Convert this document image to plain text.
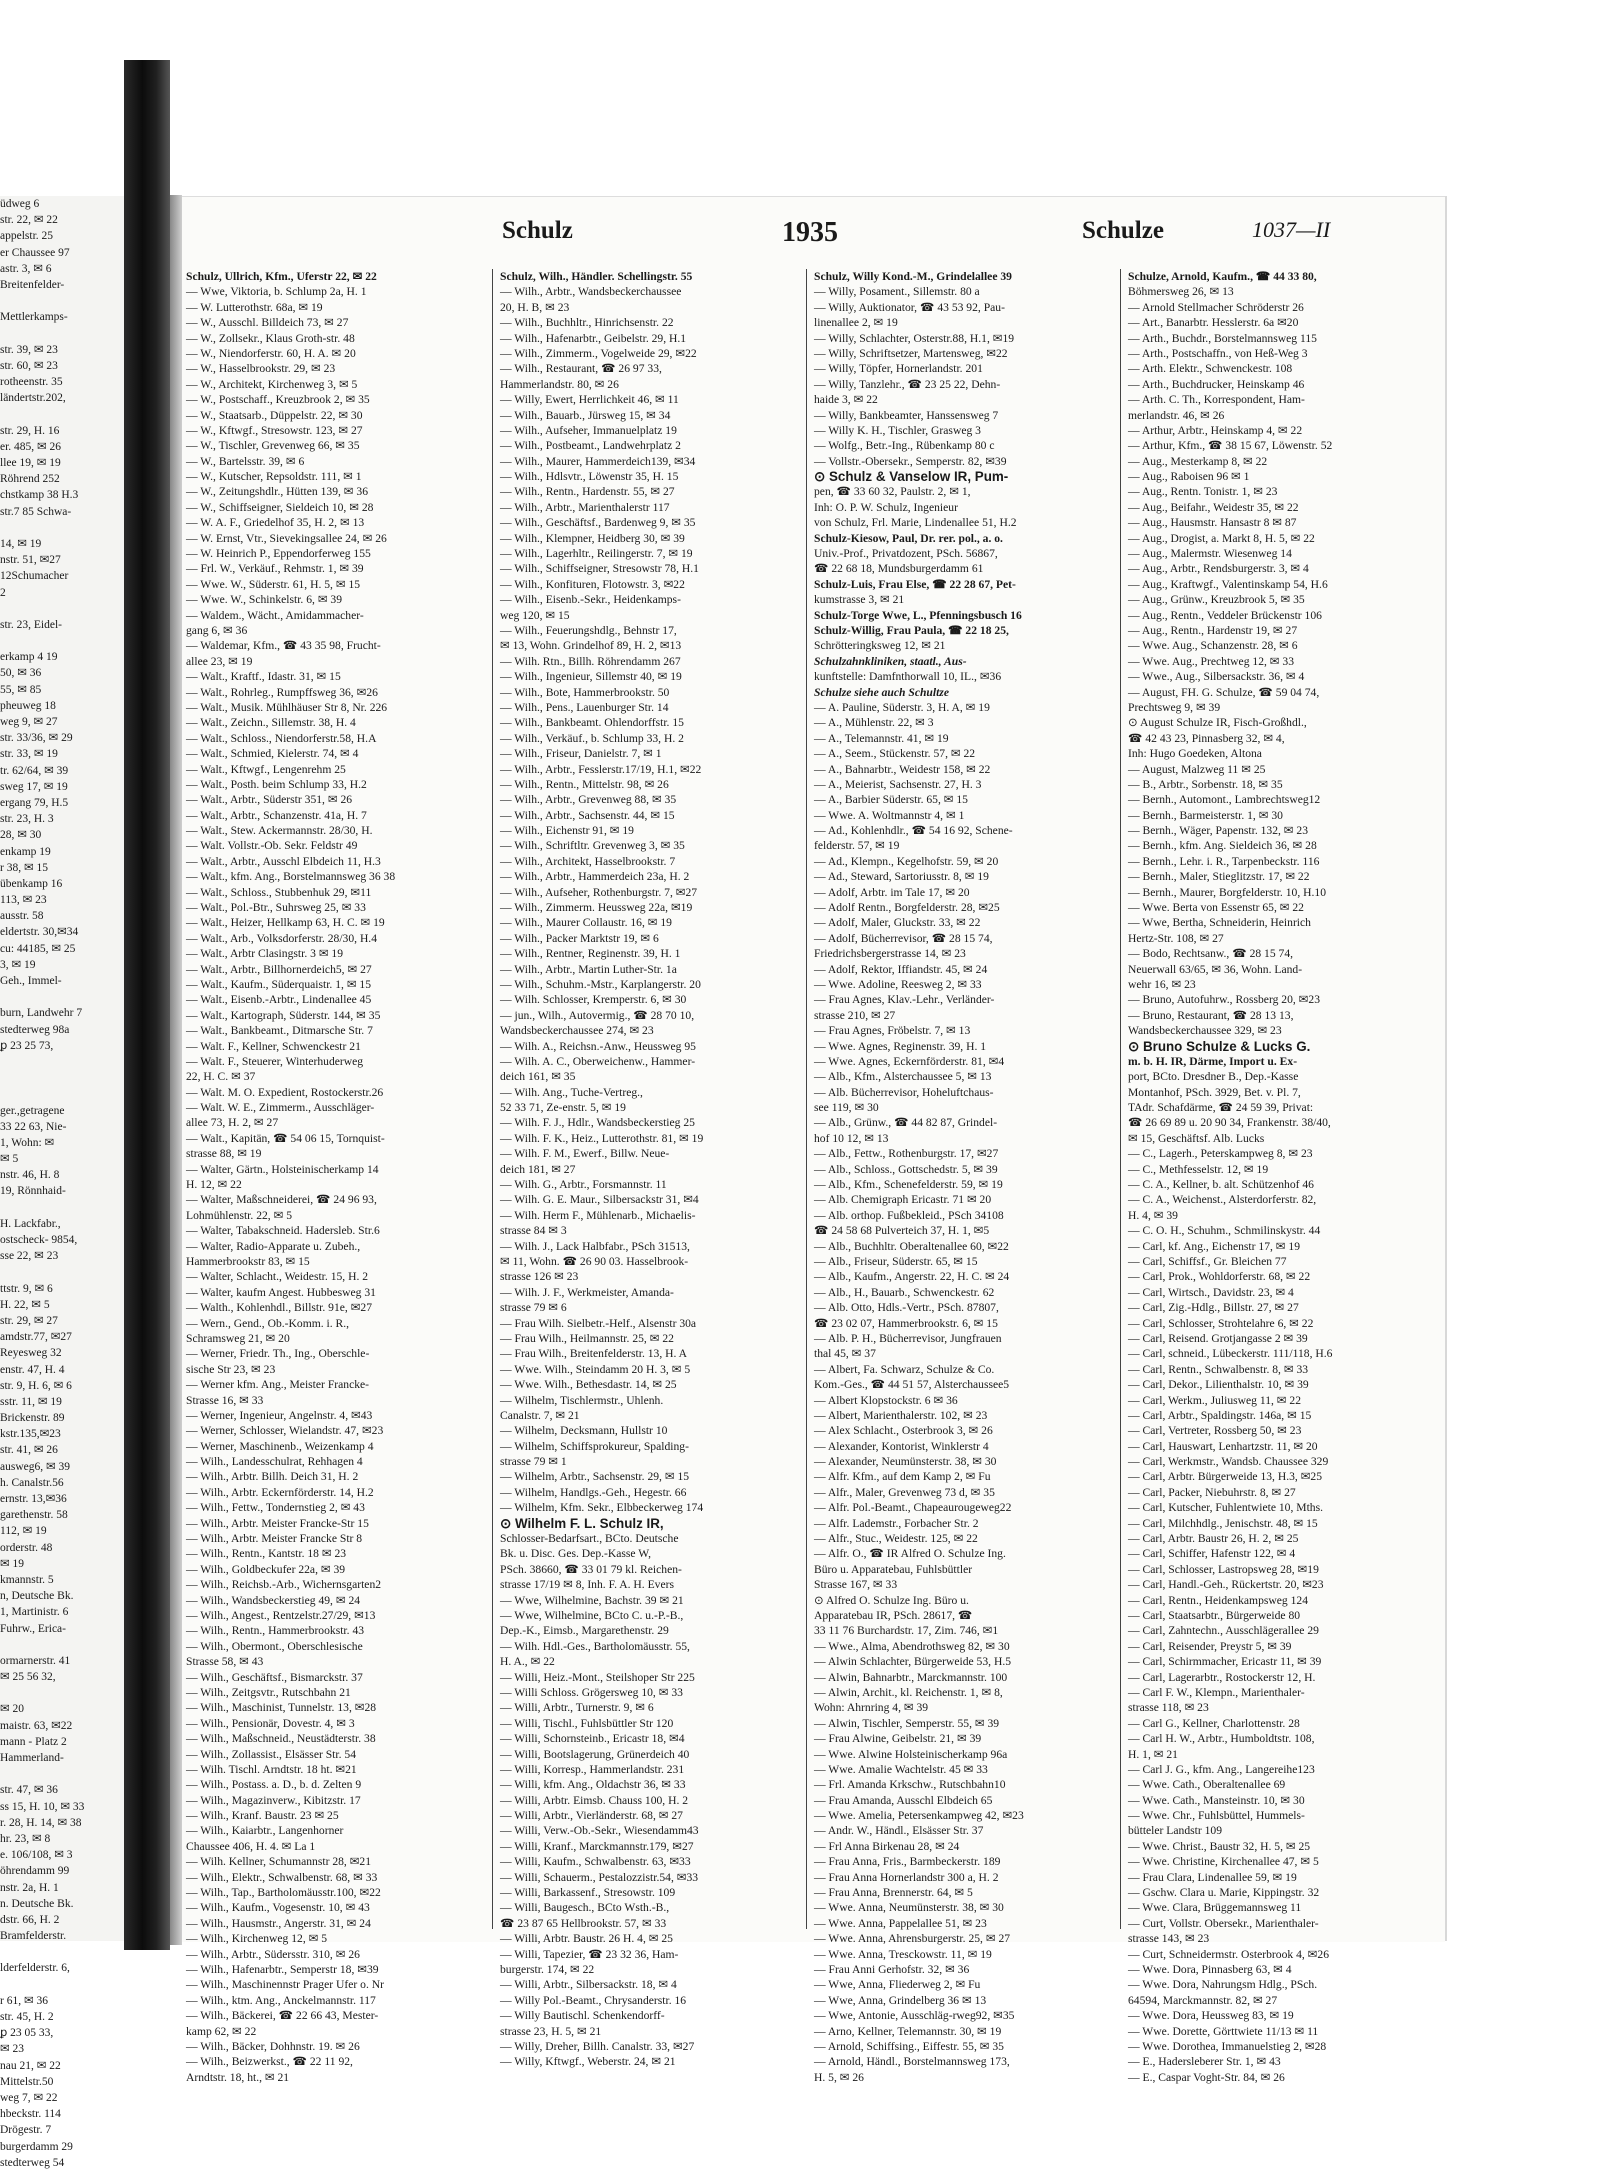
üdweg 6
str. 22, ✉ 22
appelstr. 25
er Chaussee 97
astr. 3, ✉ 6
Breitenfelder-
Mettlerkamps-
str. 39, ✉ 23
str. 60, ✉ 23
rotheenstr. 35
ländertstr.202,
str. 29, H. 16
er. 485, ✉ 26
llee 19, ✉ 19
Röhrend 252
chstkamp 38 H.3
str.7 85 Schwa-
14, ✉ 19
nstr. 51, ✉27
12Schumacher
2
str. 23, Eidel-
erkamp 4 19
50, ✉ 36
55, ✉ 85
pheuweg 18
weg 9, ✉ 27
str. 33/36, ✉ 29
str. 33, ✉ 19
tr. 62/64, ✉ 39
sweg 17, ✉ 19
ergang 79, H.5
str. 23, H. 3
28, ✉ 30
enkamp 19
r 38, ✉ 15
übenkamp 16
113, ✉ 23
ausstr. 58
eldertstr. 30,✉34
cu: 44185, ✉ 25
3, ✉ 19
Geh., Immel-
burn, Landwehr 7
stedterweg 98a
ꝑ 23 25 73,
ger.,getragene
33 22 63, Nie-
1, Wohn: ✉
✉ 5
nstr. 46, H. 8
19, Rönnhaid-
H. Lackfabr.,
ostscheck- 9854,
sse 22, ✉ 23
ttstr. 9, ✉ 6
H. 22, ✉ 5
str. 29, ✉ 27
amdstr.77, ✉27
Reyesweg 32
enstr. 47, H. 4
str. 9, H. 6, ✉ 6
sstr. 11, ✉ 19
Brickenstr. 89
kstr.135,✉23
str. 41, ✉ 26
ausweg6, ✉ 39
h. Canalstr.56
ernstr. 13,✉36
garethenstr. 58
112, ✉ 19
orderstr. 48
✉ 19
kmannstr. 5
n, Deutsche Bk.
1, Martinistr. 6
Fuhrw., Erica-
ormarnerstr. 41
✉ 25 56 32,
✉ 20
maistr. 63, ✉22
mann - Platz 2
Hammerland-
str. 47, ✉ 36
ss 15, H. 10, ✉ 33
r. 28, H. 14, ✉ 38
hr. 23, ✉ 8
e. 106/108, ✉ 3
öhrendamm 99
nstr. 2a, H. 1
n. Deutsche Bk.
dstr. 66, H. 2
Bramfelderstr.
lderfelderstr. 6,
r 61, ✉ 36
str. 45, H. 2
ꝑ 23 05 33,
✉ 23
nau 21, ✉ 22
Mittelstr.50
weg 7, ✉ 22
hbeckstr. 114
Drögestr. 7
burgerdamm 29
stedterweg 54
Schulz	1935	Schulze	1037—II
Schulz, Ullrich, Kfm., Uferstr 22, ✉ 22
— Wwe, Viktoria, b. Schlump 2a, H. 1
— W. Lutterothstr. 68a, ✉ 19
— W., Ausschl. Billdeich 73, ✉ 27
— W., Zollsekr., Klaus Groth-str. 48
— W., Niendorferstr. 60, H. A. ✉ 20
— W., Hasselbrookstr. 29, ✉ 23
— W., Architekt, Kirchenweg 3, ✉ 5
— W., Postschaff., Kreuzbrook 2, ✉ 35
— W., Staatsarb., Düppelstr. 22, ✉ 30
— W., Kftwgf., Stresowstr. 123, ✉ 27
— W., Tischler, Grevenweg 66, ✉ 35
— W., Bartelsstr. 39, ✉ 6
— W., Kutscher, Repsoldstr. 111, ✉ 1
— W., Zeitungshdlr., Hütten 139, ✉ 36
— W., Schiffseigner, Sieldeich 10, ✉ 28
— W. A. F., Griedelhof 35, H. 2, ✉ 13
— W. Ernst, Vtr., Sievekingsallee 24, ✉ 26
— W. Heinrich P., Eppendorferweg 155
— Frl. W., Verkäuf., Rehmstr. 1, ✉ 39
— Wwe. W., Süderstr. 61, H. 5, ✉ 15
— Wwe. W., Schinkelstr. 6, ✉ 39
— Waldem., Wächt., Amidammacher-
gang 6, ✉ 36
— Waldemar, Kfm., ☎ 43 35 98, Frucht-
allee 23, ✉ 19
— Walt., Kraftf., Idastr. 31, ✉ 15
— Walt., Rohrleg., Rumpffsweg 36, ✉26
— Walt., Musik. Mühlhäuser Str 8, Nr. 226
— Walt., Zeichn., Sillemstr. 38, H. 4
— Walt., Schloss., Niendorferstr.58, H.A
— Walt., Schmied, Kielerstr. 74, ✉ 4
— Walt., Kftwgf., Lengenrehm 25
— Walt., Posth. beim Schlump 33, H.2
— Walt., Arbtr., Süderstr 351, ✉ 26
— Walt., Arbtr., Schanzenstr. 41a, H. 7
— Walt., Stew. Ackermannstr. 28/30, H.
— Walt. Vollstr.-Ob. Sekr. Feldstr 49
— Walt., Arbtr., Ausschl Elbdeich 11, H.3
— Walt., kfm. Ang., Borstelmannsweg 36 38
— Walt., Schloss., Stubbenhuk 29, ✉11
— Walt., Pol.-Btr., Suhrsweg 25, ✉ 33
— Walt., Heizer, Hellkamp 63, H. C. ✉ 19
— Walt., Arb., Volksdorferstr. 28/30, H.4
— Walt., Arbtr Clasingstr. 3 ✉ 19
— Walt., Arbtr., Billhornerdeich5, ✉ 27
— Walt., Kaufm., Süderquaistr. 1, ✉ 15
— Walt., Eisenb.-Arbtr., Lindenallee 45
— Walt., Kartograph, Süderstr. 144, ✉ 35
— Walt., Bankbeamt., Ditmarsche Str. 7
— Walt. F., Kellner, Schwenckestr 21
— Walt. F., Steuerer, Winterhuderweg
22, H. C. ✉ 37
— Walt. M. O. Expedient, Rostockerstr.26
— Walt. W. E., Zimmerm., Ausschläger-
allee 73, H. 2, ✉ 27
— Walt., Kapitän, ☎ 54 06 15, Tornquist-
strasse 88, ✉ 19
— Walter, Gärtn., Holsteinischerkamp 14
H. 12, ✉ 22
— Walter, Maßschneiderei, ☎ 24 96 93,
Lohmühlenstr. 22, ✉ 5
— Walter, Tabakschneid. Hadersleb. Str.6
— Walter, Radio-Apparate u. Zubeh.,
Hammerbrookstr 83, ✉ 15
— Walter, Schlacht., Weidestr. 15, H. 2
— Walter, kaufm Angest. Hubbesweg 31
— Walth., Kohlenhdl., Billstr. 91e, ✉27
— Wern., Gend., Ob.-Komm. i. R.,
Schramsweg 21, ✉ 20
— Werner, Friedr. Th., Ing., Oberschle-
sische Str 23, ✉ 23
— Werner kfm. Ang., Meister Francke-
Strasse 16, ✉ 33
— Werner, Ingenieur, Angelnstr. 4, ✉43
— Werner, Schlosser, Wielandstr. 47, ✉23
— Werner, Maschinenb., Weizenkamp 4
— Wilh., Landesschulrat, Rehhagen 4
— Wilh., Arbtr. Billh. Deich 31, H. 2
— Wilh., Arbtr. Eckernförderstr. 14, H.2
— Wilh., Fettw., Tondernstieg 2, ✉ 43
— Wilh., Arbtr. Meister Francke-Str 15
— Wilh., Arbtr. Meister Francke Str 8
— Wilh., Rentn., Kantstr. 18 ✉ 23
— Wilh., Goldbeckufer 22a, ✉ 39
— Wilh., Reichsb.-Arb., Wichernsgarten2
— Wilh., Wandsbeckerstieg 49, ✉ 24
— Wilh., Angest., Rentzelstr.27/29, ✉13
— Wilh., Rentn., Hammerbrookstr. 43
— Wilh., Obermont., Oberschlesische
Strasse 58, ✉ 43
— Wilh., Geschäftsf., Bismarckstr. 37
— Wilh., Zeitgsvtr., Rutschbahn 21
— Wilh., Maschinist, Tunnelstr. 13, ✉28
— Wilh., Pensionär, Dovestr. 4, ✉ 3
— Wilh., Maßschneid., Neustädterstr. 38
— Wilh., Zollassist., Elsässer Str. 54
— Wilh. Tischl. Arndtstr. 18 ht. ✉21
— Wilh., Postass. a. D., b. d. Zelten 9
— Wilh., Magazinverw., Kibitzstr. 17
— Wilh., Kranf. Baustr. 23 ✉ 25
— Wilh., Kaiarbtr., Langenhorner
Chaussee 406, H. 4. ✉ La 1
— Wilh. Kellner, Schumannstr 28, ✉21
— Wilh., Elektr., Schwalbenstr. 68, ✉ 33
— Wilh., Tap., Bartholomäusstr.100, ✉22
— Wilh., Kaufm., Vogesenstr. 10, ✉ 43
— Wilh., Hausmstr., Angerstr. 31, ✉ 24
— Wilh., Kirchenweg 12, ✉ 5
— Wilh., Arbtr., Südersstr. 310, ✉ 26
— Wilh., Hafenarbtr., Semperstr 18, ✉39
— Wilh., Maschinennstr Prager Ufer o. Nr
— Wilh., ktm. Ang., Anckelmannstr. 117
— Wilh., Bäckerei, ☎ 22 66 43, Mester-
kamp 62, ✉ 22
— Wilh., Bäcker, Dohhnstr. 19. ✉ 26
— Wilh., Beizwerkst., ☎ 22 11 92,
Arndtstr. 18, ht., ✉ 21
Schulz, Wilh., Händler. Schellingstr. 55
— Wilh., Arbtr., Wandsbeckerchaussee
20, H. B, ✉ 23
— Wilh., Buchhltr., Hinrichsenstr. 22
— Wilh., Hafenarbtr., Geibelstr. 29, H.1
— Wilh., Zimmerm., Vogelweide 29, ✉22
— Wilh., Restaurant, ☎ 26 97 33,
Hammerlandstr. 80, ✉ 26
— Willy, Ewert, Herrlichkeit 46, ✉ 11
— Wilh., Bauarb., Jürsweg 15, ✉ 34
— Wilh., Aufseher, Immanuelplatz 19
— Wilh., Postbeamt., Landwehrplatz 2
— Wilh., Maurer, Hammerdeich139, ✉34
— Wilh., Hdlsvtr., Löwenstr 35, H. 15
— Wilh., Rentn., Hardenstr. 55, ✉ 27
— Wilh., Arbtr., Marienthalerstr 117
— Wilh., Geschäftsf., Bardenweg 9, ✉ 35
— Wilh., Klempner, Heidberg 30, ✉ 39
— Wilh., Lagerhltr., Reilingerstr. 7, ✉ 19
— Wilh., Schiffseigner, Stresowstr 78, H.1
— Wilh., Konfituren, Flotowstr. 3, ✉22
— Wilh., Eisenb.-Sekr., Heidenkamps-
weg 120, ✉ 15
— Wilh., Feuerungshdlg., Behnstr 17,
✉ 13, Wohn. Grindelhof 89, H. 2, ✉13
— Wilh. Rtn., Billh. Röhrendamm 267
— Wilh., Ingenieur, Sillemstr 40, ✉ 19
— Wilh., Bote, Hammerbrookstr. 50
— Wilh., Pens., Lauenburger Str. 14
— Wilh., Bankbeamt. Ohlendorffstr. 15
— Wilh., Verkäuf., b. Schlump 33, H. 2
— Wilh., Friseur, Danielstr. 7, ✉ 1
— Wilh., Arbtr., Fesslerstr.17/19, H.1, ✉22
— Wilh., Rentn., Mittelstr. 98, ✉ 26
— Wilh., Arbtr., Grevenweg 88, ✉ 35
— Wilh., Arbtr., Sachsenstr. 44, ✉ 15
— Wilh., Eichenstr 91, ✉ 19
— Wilh., Schriftltr. Grevenweg 3, ✉ 35
— Wilh., Architekt, Hasselbrookstr. 7
— Wilh., Arbtr., Hammerdeich 23a, H. 2
— Wilh., Aufseher, Rothenburgstr. 7, ✉27
— Wilh., Zimmerm. Heussweg 22a, ✉19
— Wilh., Maurer Collaustr. 16, ✉ 19
— Wilh., Packer Marktstr 19, ✉ 6
— Wilh., Rentner, Reginenstr. 39, H. 1
— Wilh., Arbtr., Martin Luther-Str. 1a
— Wilh., Schuhm.-Mstr., Karplangerstr. 20
— Wilh. Schlosser, Kremperstr. 6, ✉ 30
— jun., Wilh., Autovermig., ☎ 28 70 10,
Wandsbeckerchaussee 274, ✉ 23
— Wilh. A., Reichsn.-Anw., Heussweg 95
— Wilh. A. C., Oberweichenw., Hammer-
deich 161, ✉ 35
— Wilh. Ang., Tuche-Vertreg.,
52 33 71, Ze-enstr. 5, ✉ 19
— Wilh. F. J., Hdlr., Wandsbeckerstieg 25
— Wilh. F. K., Heiz., Lutterothstr. 81, ✉ 19
— Wilh. F. M., Ewerf., Billw. Neue-
deich 181, ✉ 27
— Wilh. G., Arbtr., Forsmannstr. 11
— Wilh. G. E. Maur., Silbersackstr 31, ✉4
— Wilh. Herm F., Mühlenarb., Michaelis-
strasse 84 ✉ 3
— Wilh. J., Lack Halbfabr., PSch 31513,
✉ 11, Wohn. ☎ 26 90 03. Hasselbrook-
strasse 126 ✉ 23
— Wilh. J. F., Werkmeister, Amanda-
strasse 79 ✉ 6
— Frau Wilh. Sielbetr.-Helf., Alsenstr 30a
— Frau Wilh., Heilmannstr. 25, ✉ 22
— Frau Wilh., Breitenfelderstr. 13, H. A
— Wwe. Wilh., Steindamm 20 H. 3, ✉ 5
— Wwe. Wilh., Bethesdastr. 14, ✉ 25
— Wilhelm, Tischlermstr., Uhlenh.
Canalstr. 7, ✉ 21
— Wilhelm, Decksmann, Hullstr 10
— Wilhelm, Schiffsprokureur, Spalding-
strasse 79 ✉ 1
— Wilhelm, Arbtr., Sachsenstr. 29, ✉ 15
— Wilhelm, Handlgs.-Geh., Hegestr. 66
— Wilhelm, Kfm. Sekr., Elbbeckerweg 174
⊙ Wilhelm F. L. Schulz IR,
Schlosser-Bedarfsart., BCto. Deutsche
Bk. u. Disc. Ges. Dep.-Kasse W,
PSch. 38660, ☎ 33 01 79 kl. Reichen-
strasse 17/19 ✉ 8, Inh. F. A. H. Evers
— Wwe, Wilhelmine, Bachstr. 39 ✉ 21
— Wwe, Wilhelmine, BCto C. u.-P.-B.,
Dep.-K., Eimsb., Margarethenstr. 29
— Wilh. Hdl.-Ges., Bartholomäusstr. 55,
H. A., ✉ 22
— Willi, Heiz.-Mont., Steilshoper Str 225
— Willi Schloss. Grögersweg 10, ✉ 33
— Willi, Arbtr., Turnerstr. 9, ✉ 6
— Willi, Tischl., Fuhlsbüttler Str 120
— Willi, Schornsteinb., Ericastr 18, ✉4
— Willi, Bootslagerung, Grünerdeich 40
— Willi, Korresp., Hammerlandstr. 231
— Willi, kfm. Ang., Oldachstr 36, ✉ 33
— Willi, Arbtr. Eimsb. Chauss 100, H. 2
— Willi, Arbtr., Vierländerstr. 68, ✉ 27
— Willi, Verw.-Ob.-Sekr., Wiesendamm43
— Willi, Kranf., Marckmannstr.179, ✉27
— Willi, Kaufm., Schwalbenstr. 63, ✉33
— Willi, Schauerm., Pestalozzistr.54, ✉33
— Willi, Barkassenf., Stresowstr. 109
— Willi, Baugesch., BCto Wsth.-B.,
☎ 23 87 65 Hellbrookstr. 57, ✉ 33
— Willi, Arbtr. Baustr. 26 H. 4, ✉ 25
— Willi, Tapezier, ☎ 23 32 36, Ham-
burgerstr. 174, ✉ 22
— Willi, Arbtr., Silbersackstr. 18, ✉ 4
— Willy Pol.-Beamt., Chrysanderstr. 16
— Willy Bautischl. Schenkendorff-
strasse 23, H. 5, ✉ 21
— Willy, Dreher, Billh. Canalstr. 33, ✉27
— Willy, Kftwgf., Weberstr. 24, ✉ 21
Schulz, Willy Kond.-M., Grindelallee 39
— Willy, Posament., Sillemstr. 80 a
— Willy, Auktionator, ☎ 43 53 92, Pau-
linenallee 2, ✉ 19
— Willy, Schlachter, Osterstr.88, H.1, ✉19
— Willy, Schriftsetzer, Martensweg, ✉22
— Willy, Töpfer, Hornerlandstr. 201
— Willy, Tanzlehr., ☎ 23 25 22, Dehn-
haide 3, ✉ 22
— Willy, Bankbeamter, Hanssensweg 7
— Willy K. H., Tischler, Grasweg 3
— Wolfg., Betr.-Ing., Rübenkamp 80 c
— Vollstr.-Obersekr., Semperstr. 82, ✉39
⊙ Schulz & Vanselow IR, Pum-
pen, ☎ 33 60 32, Paulstr. 2, ✉ 1,
Inh: O. P. W. Schulz, Ingenieur
von Schulz, Frl. Marie, Lindenallee 51, H.2
Schulz-Kiesow, Paul, Dr. rer. pol., a. o.
Univ.-Prof., Privatdozent, PSch. 56867,
☎ 22 68 18, Mundsburgerdamm 61
Schulz-Luis, Frau Else, ☎ 22 28 67, Pet-
kumstrasse 3, ✉ 21
Schulz-Torge Wwe, L., Pfenningsbusch 16
Schulz-Willig, Frau Paula, ☎ 22 18 25,
Schrötteringksweg 12, ✉ 21
Schulzahnkliniken, staatl., Aus-
kunftstelle: Damfnthorwall 10, IL., ✉36
Schulze siehe auch Schultze
— A. Pauline, Süderstr. 3, H. A, ✉ 19
— A., Mühlenstr. 22, ✉ 3
— A., Telemannstr. 41, ✉ 19
— A., Seem., Stückenstr. 57, ✉ 22
— A., Bahnarbtr., Weidestr 158, ✉ 22
— A., Meierist, Sachsenstr. 27, H. 3
— A., Barbier Süderstr. 65, ✉ 15
— Wwe. A. Woltmannstr 4, ✉ 1
— Ad., Kohlenhdlr., ☎ 54 16 92, Schene-
felderstr. 57, ✉ 19
— Ad., Klempn., Kegelhofstr. 59, ✉ 20
— Ad., Steward, Sartoriusstr. 8, ✉ 19
— Adolf, Arbtr. im Tale 17, ✉ 20
— Adolf Rentn., Borgfelderstr. 28, ✉25
— Adolf, Maler, Gluckstr. 33, ✉ 22
— Adolf, Bücherrevisor, ☎ 28 15 74,
Friedrichsbergerstrasse 14, ✉ 23
— Adolf, Rektor, Iffiandstr. 45, ✉ 24
— Wwe. Adoline, Reesweg 2, ✉ 33
— Frau Agnes, Klav.-Lehr., Verländer-
strasse 210, ✉ 27
— Frau Agnes, Fröbelstr. 7, ✉ 13
— Wwe. Agnes, Reginenstr. 39, H. 1
— Wwe. Agnes, Eckernförderstr. 81, ✉4
— Alb., Kfm., Alsterchaussee 5, ✉ 13
— Alb. Bücherrevisor, Hoheluftchaus-
see 119, ✉ 30
— Alb., Grünw., ☎ 44 82 87, Grindel-
hof 10 12, ✉ 13
— Alb., Fettw., Rothenburgstr. 17, ✉27
— Alb., Schloss., Gottschedstr. 5, ✉ 39
— Alb., Kfm., Schenefelderstr. 59, ✉ 19
— Alb. Chemigraph Ericastr. 71 ✉ 20
— Alb. orthop. Fußbekleid., PSch 34108
☎ 24 58 68 Pulverteich 37, H. 1, ✉5
— Alb., Buchhltr. Oberaltenallee 60, ✉22
— Alb., Friseur, Süderstr. 65, ✉ 15
— Alb., Kaufm., Angerstr. 22, H. C. ✉ 24
— Alb., H., Bauarb., Schwenckestr. 62
— Alb. Otto, Hdls.-Vertr., PSch. 87807,
☎ 23 02 07, Hammerbrookstr. 6, ✉ 15
— Alb. P. H., Bücherrevisor, Jungfrauen
thal 45, ✉ 37
— Albert, Fa. Schwarz, Schulze & Co.
Kom.-Ges., ☎ 44 51 57, Alsterchaussee5
— Albert Klopstockstr. 6 ✉ 36
— Albert, Marienthalerstr. 102, ✉ 23
— Alex Schlacht., Osterbrook 3, ✉ 26
— Alexander, Kontorist, Winklerstr 4
— Alexander, Neumünsterstr. 38, ✉ 30
— Alfr. Kfm., auf dem Kamp 2, ✉ Fu
— Alfr., Maler, Grevenweg 73 d, ✉ 35
— Alfr. Pol.-Beamt., Chapeaurougeweg22
— Alfr. Lademstr., Forbacher Str. 2
— Alfr., Stuc., Weidestr. 125, ✉ 22
— Alfr. O., ☎ IR Alfred O. Schulze Ing.
Büro u. Apparatebau, Fuhlsbüttler
Strasse 167, ✉ 33
⊙ Alfred O. Schulze Ing. Büro u.
Apparatebau IR, PSch. 28617, ☎
33 11 76 Burchardstr. 17, Zim. 746, ✉1
— Wwe., Alma, Abendrothsweg 82, ✉ 30
— Alwin Schlachter, Bürgerweide 53, H.5
— Alwin, Bahnarbtr., Marckmannstr. 100
— Alwin, Archit., kl. Reichenstr. 1, ✉ 8,
Wohn: Ahrnring 4, ✉ 39
— Alwin, Tischler, Semperstr. 55, ✉ 39
— Frau Alwine, Geibelstr. 21, ✉ 39
— Wwe. Alwine Holsteinischerkamp 96a
— Wwe. Amalie Wachtelstr. 45 ✉ 33
— Frl. Amanda Krkschw., Rutschbahn10
— Frau Amanda, Ausschl Elbdeich 65
— Wwe. Amelia, Petersenkampweg 42, ✉23
— Andr. W., Händl., Elsässer Str. 37
— Frl Anna Birkenau 28, ✉ 24
— Frau Anna, Fris., Barmbeckerstr. 189
— Frau Anna Hornerlandstr 300 a, H. 2
— Frau Anna, Brennerstr. 64, ✉ 5
— Wwe. Anna, Neumünsterstr. 38, ✉ 30
— Wwe. Anna, Pappelallee 51, ✉ 23
— Wwe. Anna, Ahrensburgerstr. 25, ✉ 27
— Wwe. Anna, Tresckowstr. 11, ✉ 19
— Frau Anni Gerhofstr. 32, ✉ 36
— Wwe, Anna, Fliederweg 2, ✉ Fu
— Wwe, Anna, Grindelberg 36 ✉ 13
— Wwe, Antonie, Ausschläg-rweg92, ✉35
— Arno, Kellner, Telemannstr. 30, ✉ 19
— Arnold, Schiffsing., Eiffestr. 55, ✉ 35
— Arnold, Händl., Borstelmannsweg 173,
H. 5, ✉ 26
Schulze, Arnold, Kaufm., ☎ 44 33 80,
Böhmersweg 26, ✉ 13
— Arnold Stellmacher Schröderstr 26
— Art., Banarbtr. Hesslerstr. 6a ✉20
— Arth., Buchdr., Borstelmannsweg 115
— Arth., Postschaffn., von Heß-Weg 3
— Arth. Elektr., Schwenckestr. 108
— Arth., Buchdrucker, Heinskamp 46
— Arth. C. Th., Korrespondent, Ham-
merlandstr. 46, ✉ 26
— Arthur, Arbtr., Heinskamp 4, ✉ 22
— Arthur, Kfm., ☎ 38 15 67, Löwenstr. 52
— Aug., Mesterkamp 8, ✉ 22
— Aug., Raboisen 96 ✉ 1
— Aug., Rentn. Tonistr. 1, ✉ 23
— Aug., Beifahr., Weidestr 35, ✉ 22
— Aug., Hausmstr. Hansastr 8 ✉ 87
— Aug., Drogist, a. Markt 8, H. 5, ✉ 22
— Aug., Malermstr. Wiesenweg 14
— Aug., Arbtr., Rendsburgerstr. 3, ✉ 4
— Aug., Kraftwgf., Valentinskamp 54, H.6
— Aug., Grünw., Kreuzbrook 5, ✉ 35
— Aug., Rentn., Veddeler Brückenstr 106
— Aug., Rentn., Hardenstr 19, ✉ 27
— Wwe. Aug., Schanzenstr. 28, ✉ 6
— Wwe. Aug., Prechtweg 12, ✉ 33
— Wwe., Aug., Silbersackstr. 36, ✉ 4
— August, FH. G. Schulze, ☎ 59 04 74,
Prechtsweg 9, ✉ 39
⊙ August Schulze IR, Fisch-Großhdl.,
☎ 42 43 23, Pinnasberg 32, ✉ 4,
Inh: Hugo Goedeken, Altona
— August, Malzweg 11 ✉ 25
— B., Arbtr., Sorbenstr. 18, ✉ 35
— Bernh., Automont., Lambrechtsweg12
— Bernh., Barmeisterstr. 1, ✉ 30
— Bernh., Wäger, Papenstr. 132, ✉ 23
— Bernh., kfm. Ang. Sieldeich 36, ✉ 28
— Bernh., Lehr. i. R., Tarpenbeckstr. 116
— Bernh., Maler, Stieglitzstr. 17, ✉ 22
— Bernh., Maurer, Borgfelderstr. 10, H.10
— Wwe. Berta von Essenstr 65, ✉ 22
— Wwe, Bertha, Schneiderin, Heinrich
Hertz-Str. 108, ✉ 27
— Bodo, Rechtsanw., ☎ 28 15 74,
Neuerwall 63/65, ✉ 36, Wohn. Land-
wehr 16, ✉ 23
— Bruno, Autofuhrw., Rossberg 20, ✉23
— Bruno, Restaurant, ☎ 28 13 13,
Wandsbeckerchaussee 329, ✉ 23
⊙ Bruno Schulze & Lucks G.
m. b. H. IR, Därme, Import u. Ex-
port, BCto. Dresdner B., Dep.-Kasse
Montanhof, PSch. 3929, Bet. v. Pl. 7,
TAdr. Schafdärme, ☎ 24 59 39, Privat:
☎ 26 69 89 u. 20 90 34, Frankenstr. 38/40,
✉ 15, Geschäftsf. Alb. Lucks
— C., Lagerh., Peterskampweg 8, ✉ 23
— C., Methfesselstr. 12, ✉ 19
— C. A., Kellner, b. alt. Schützenhof 46
— C. A., Weichenst., Alsterdorferstr. 82,
H. 4, ✉ 39
— C. O. H., Schuhm., Schmilinskystr. 44
— Carl, kf. Ang., Eichenstr 17, ✉ 19
— Carl, Schiffsf., Gr. Bleichen 77
— Carl, Prok., Wohldorferstr. 68, ✉ 22
— Carl, Wirtsch., Davidstr. 23, ✉ 4
— Carl, Zig.-Hdlg., Billstr. 27, ✉ 27
— Carl, Schlosser, Strohtelahre 6, ✉ 22
— Carl, Reisend. Grotjangasse 2 ✉ 39
— Carl, schneid., Lübeckerstr. 111/118, H.6
— Carl, Rentn., Schwalbenstr. 8, ✉ 33
— Carl, Dekor., Lilienthalstr. 10, ✉ 39
— Carl, Werkm., Juliusweg 11, ✉ 22
— Carl, Arbtr., Spaldingstr. 146a, ✉ 15
— Carl, Vertreter, Rossberg 50, ✉ 23
— Carl, Hauswart, Lenhartzstr. 11, ✉ 20
— Carl, Werkmstr., Wandsb. Chaussee 329
— Carl, Arbtr. Bürgerweide 13, H.3, ✉25
— Carl, Packer, Niebuhrstr. 8, ✉ 27
— Carl, Kutscher, Fuhlentwiete 10, Mths.
— Carl, Milchhdlg., Jenischstr. 48, ✉ 15
— Carl, Arbtr. Baustr 26, H. 2, ✉ 25
— Carl, Schiffer, Hafenstr 122, ✉ 4
— Carl, Schlosser, Lastropsweg 28, ✉19
— Carl, Handl.-Geh., Rückertstr. 20, ✉23
— Carl, Rentn., Heidenkampsweg 124
— Carl, Staatsarbtr., Bürgerweide 80
— Carl, Zahntechn., Ausschlägerallee 29
— Carl, Reisender, Preystr 5, ✉ 39
— Carl, Schirmmacher, Ericastr 11, ✉ 39
— Carl, Lagerarbtr., Rostockerstr 12, H.
— Carl F. W., Klempn., Marienthaler-
strasse 118, ✉ 23
— Carl G., Kellner, Charlottenstr. 28
— Carl H. W., Arbtr., Humboldtstr. 108,
H. 1, ✉ 21
— Carl J. G., kfm. Ang., Langereihe123
— Wwe. Cath., Oberaltenallee 69
— Wwe. Cath., Mansteinstr. 10, ✉ 30
— Wwe. Chr., Fuhlsbüttel, Hummels-
bütteler Landstr 109
— Wwe. Christ., Baustr 32, H. 5, ✉ 25
— Wwe. Christine, Kirchenallee 47, ✉ 5
— Frau Clara, Lindenallee 59, ✉ 19
— Gschw. Clara u. Marie, Kippingstr. 32
— Wwe. Clara, Brüggemannsweg 11
— Curt, Vollstr. Obersekr., Marienthaler-
strasse 143, ✉ 23
— Curt, Schneidermstr. Osterbrook 4, ✉26
— Wwe. Dora, Pinnasberg 63, ✉ 4
— Wwe. Dora, Nahrungsm Hdlg., PSch.
64594, Marckmannstr. 82, ✉ 27
— Wwe. Dora, Heussweg 83, ✉ 19
— Wwe. Dorette, Görttwiete 11/13 ✉ 11
— Wwe. Dorothea, Immanuelstieg 2, ✉28
— E., Hadersleberer Str. 1, ✉ 43
— E., Caspar Voght-Str. 84, ✉ 26
